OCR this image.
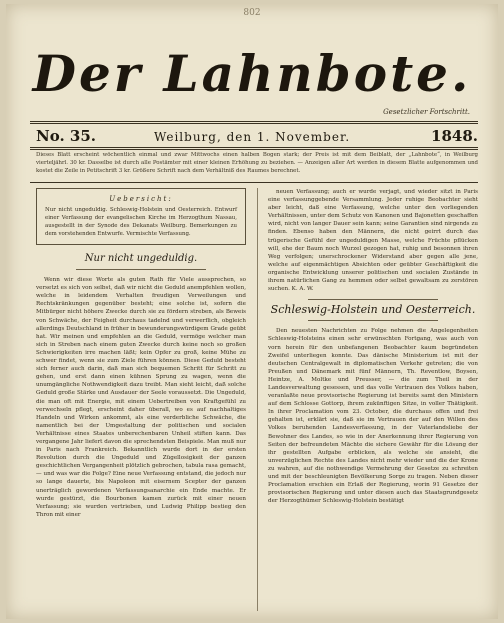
802
Der Lahnbote.
Gesetzlicher Fortschritt.
No. 35.	Weilburg, den 1. November.	1848.
Dieses Blatt erscheint wöchentlich einmal und zwar Mittwochs einen halben Bogen stark; der Preis ist mit dem Beiblatt, der „Lahnbote“, in Weilburg vierteljährl. 30 kr. Dasselbe ist durch alle Postämter mit einer kleinen Erhöhung zu beziehen. — Anzeigen aller Art werden in diesem Blatte aufgenommen und kostet die Zeile in Petitschrift 3 kr. Größere Schrift nach dem Verhältniß des Raumes berechnet.
Uebersicht:
Nur nicht ungeduldig. Schleswig-Holstein und Oesterreich. Entwurf einer Verfassung der evangelischen Kirche im Herzogthum Nassau, ausgestellt in der Synode des Dekanats Weilburg. Bemerkungen zu dem vorstehenden Entwurfe. Vermischte Verfassung.
Nur nicht ungeduldig.

Wenn wir diese Worte als guten Rath für Viele aussprechen, so versetzt es sich von selbst, daß wir nicht die Geduld anempfehlen wollen, welche in leidendem Verhalten freudigen Verweilungen und Rechtskränkungen gegenüber besteht; eine solche ist, sofern die Mitbürger nicht höhere Zwecke durch sie zu fördern streben, als Beweis von Schwäche, der Feigheit durchaus tadelnd und verwerflich, obgleich allerdings Deutschland in früher in bewunderungswürdigem Grade geübt hat. Wir meinen und empfehlen an die Geduld, vermöge welcher man sich in Streben nach einem guten Zwecke durch keine noch so großen Schwierigkeiten irre machen läßt; kein Opfer zu groß, keine Mühe zu schwer findet, wenn sie zum Ziele führen können. Diese Geduld besteht sich ferner auch darin, daß man sich bequemen Schritt für Schritt zu gehen, und erst dann einen kühnen Sprung zu wagen, wenn die unumgängliche Nothwendigkeit dazu treibt. Man sieht leicht, daß solche Geduld große Stärke und Ausdauer der Seele voraussetzt. Die Ungeduld, die man oft mit Energie, mit einem Uebertreiben von Kraftgefühl zu verwechseln pflegt, erscheint daher überall, wo es auf nachhaltiges Handeln und Wirken ankommt, als eine verderbliche Schwäche, die namentlich bei der Umgestaltung der politischen und socialen Verhältnisse eines Staates unberechenbaren Unheil stiften kann. Das vergangene Jahr liefert davon die sprechendsten Beispiele. Man muß nur in Paris nach Frankreich. Bekanntlich wurde dort in der ersten Revolution durch die Ungeduld und Zügellosigkeit der ganzen geschichtlichen Vergangenheit plötzlich gebrochen, tabula rasa gemacht, — und was war die Folge? Eine neue Verfassung entstand, die jedoch nur so lange dauerte, bis Napoleon mit eisernem Scepter der ganzen unerträglich gewordenen Verfassungsanarchie ein Ende machte. Er wurde gestürzt, die Bourbonen kamen zurück mit einer neuen Verfassung; sie wurden vertrieben, und Ludwig Philipp bestieg den Thron mit einer

neuen Verfassung; auch er wurde verjagt, und wieder sitzt in Paris eine verfassunggebende Versammlung. Jeder ruhige Beobachter sieht aber leicht, daß eine Verfassung, welche unter den vorliegenden Verhältnissen, unter dem Schutz von Kanonen und Bajonetten geschaffen wird, nicht von langer Dauer sein kann; seine Garantien sind nirgends zu finden. Ebenso haben den Männern, die nicht geirrt durch das trügerische Gefühl der ungeduldigen Masse, welche Früchte pflücken will, ehe der Baum noch Wurzel gezogen hat, ruhig und besonnen ihren Weg verfolgen; unerschrockener Widerstand aber gegen alle jene, welche auf eigenmächtigen Absichten oder geübter Geschäftigkeit die organische Entwicklung unserer politischen und socialen Zustände in ihrem natürlichen Gang zu hemmen oder selbst gewaltsam zu zerstören suchen. K. A. W.

Schleswig-Holstein und Oesterreich.

Den neuesten Nachrichten zu Folge nehmen die Angelegenheiten Schleswig-Holsteins einen sehr erwünschten Fortgang, was auch von vorn herein für den unbefangenen Beobachter kaum begründeten Zweifel unterliegen konnte. Das dänische Ministerium ist mit der deutschen Centralgewalt in diplomatischen Verkehr getreten; die von Preußen und Dänemark mit fünf Männern, Th. Reventlow, Boysen, Heintze, A. Moltke und Preusser, — die zum Theil in der Landesverwaltung gesessen, und das volle Vertrauen des Volkes haben, veranlaßte neue provisorische Regierung ist bereits samt den Ministern auf dem Schlosse Gottorp, ihrem zukünftigen Sitze, in voller Thätigkeit. In ihrer Proclamation vom 23. October, die durchaus offen und frei gehalten ist, erklärt sie, daß sie im Vertrauen der auf den Willen des Volkes beruhenden Landesverfassung, in der Vaterlandsliebe der Bewohner des Landes, so wie in der Anerkennung ihrer Regierung von Seiten der befreundeten Mächte die sichere Gewähr für die Lösung der ihr gestellten Aufgabe erblicken, als welche sie ansieht, die unverzüglichen Rechte des Landes nicht mehr wieder und die der Krone zu wahren, auf die nothwendige Vermehrung der Gesetze zu schreiten und mit der beschleunigten Bevölkerung Sorge zu tragen. Neben dieser Proclamation erschien ein Erlaß der Regierung, worin 91 Gesetze der provisorischen Regierung und unter diesen auch das Staatsgrundgesetz der Herzogthümer Schleswig-Holstein bestätigt
